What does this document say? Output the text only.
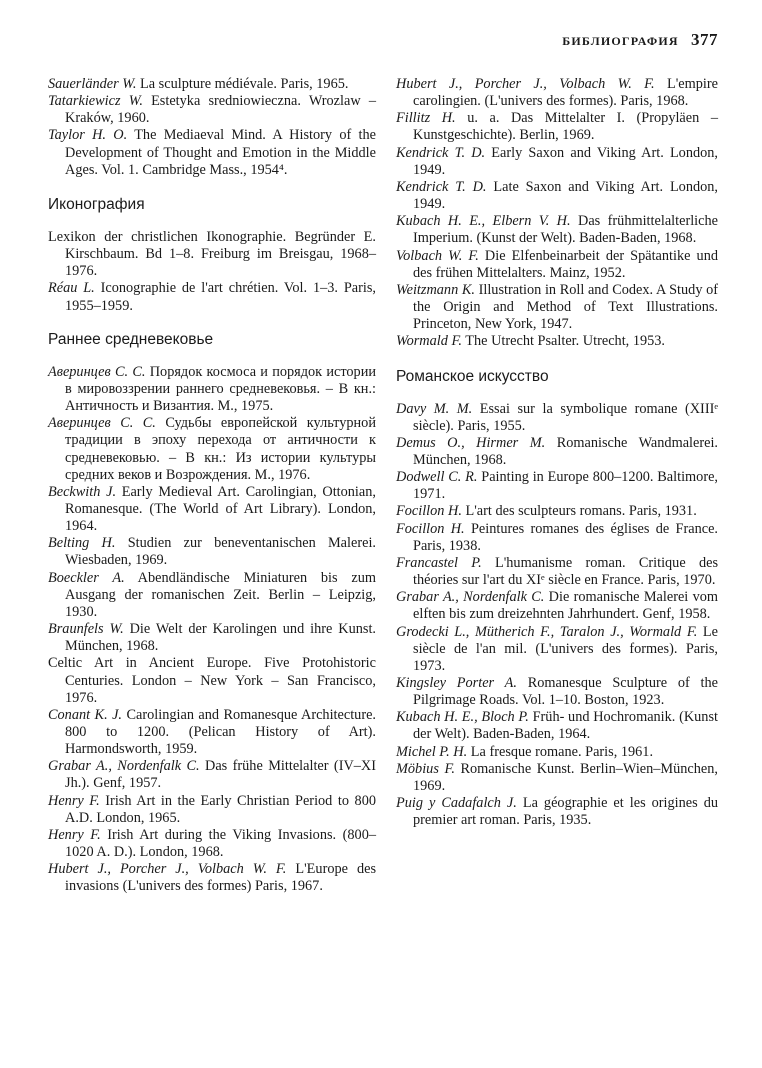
БИБЛИОГРАФИЯ 377
Sauerländer W. La sculpture médiévale. Paris, 1965.
Tatarkiewicz W. Estetyka sredniowieczna. Wrozlaw – Kraków, 1960.
Taylor H. O. The Mediaeval Mind. A History of the Development of Thought and Emotion in the Middle Ages. Vol. 1. Cambridge Mass., 1954⁴.
Иконография
Lexikon der christlichen Ikonographie. Begründer E. Kirschbaum. Bd 1–8. Freiburg im Breisgau, 1968–1976.
Réau L. Iconographie de l'art chrétien. Vol. 1–3. Paris, 1955–1959.
Раннее средневековье
Аверинцев С. С. Порядок космоса и порядок истории в мировоззрении раннего средневековья. – В кн.: Античность и Византия. М., 1975.
Аверинцев С. С. Судьбы европейской культурной традиции в эпоху перехода от античности к средневековью. – В кн.: Из истории культуры средних веков и Возрождения. М., 1976.
Beckwith J. Early Medieval Art. Carolingian, Ottonian, Romanesque. (The World of Art Library). London, 1964.
Belting H. Studien zur beneventanischen Malerei. Wiesbaden, 1969.
Boeckler A. Abendländische Miniaturen bis zum Ausgang der romanischen Zeit. Berlin – Leipzig, 1930.
Braunfels W. Die Welt der Karolingen und ihre Kunst. München, 1968.
Celtic Art in Ancient Europe. Five Protohistoric Centuries. London – New York – San Francisco, 1976.
Conant K. J. Carolingian and Romanesque Architecture. 800 to 1200. (Pelican History of Art). Harmondsworth, 1959.
Grabar A., Nordenfalk C. Das frühe Mittelalter (IV–XI Jh.). Genf, 1957.
Henry F. Irish Art in the Early Christian Period to 800 A.D. London, 1965.
Henry F. Irish Art during the Viking Invasions. (800–1020 A. D.). London, 1968.
Hubert J., Porcher J., Volbach W. F. L'Europe des invasions (L'univers des formes) Paris, 1967.
Hubert J., Porcher J., Volbach W. F. L'empire carolingien. (L'univers des formes). Paris, 1968.
Fillitz H. u. a. Das Mittelalter I. (Propyläen – Kunstgeschichte). Berlin, 1969.
Kendrick T. D. Early Saxon and Viking Art. London, 1949.
Kendrick T. D. Late Saxon and Viking Art. London, 1949.
Kubach H. E., Elbern V. H. Das frühmittelalterliche Imperium. (Kunst der Welt). Baden-Baden, 1968.
Volbach W. F. Die Elfenbeinarbeit der Spätantike und des frühen Mittelalters. Mainz, 1952.
Weitzmann K. Illustration in Roll and Codex. A Study of the Origin and Method of Text Illustrations. Princeton, New York, 1947.
Wormald F. The Utrecht Psalter. Utrecht, 1953.
Романское искусство
Davy M. M. Essai sur la symbolique romane (XIIIᵉ siècle). Paris, 1955.
Demus O., Hirmer M. Romanische Wandmalerei. München, 1968.
Dodwell C. R. Painting in Europe 800–1200. Baltimore, 1971.
Focillon H. L'art des sculpteurs romans. Paris, 1931.
Focillon H. Peintures romanes des églises de France. Paris, 1938.
Francastel P. L'humanisme roman. Critique des théories sur l'art du XIᵉ siècle en France. Paris, 1970.
Grabar A., Nordenfalk C. Die romanische Malerei vom elften bis zum dreizehnten Jahrhundert. Genf, 1958.
Grodecki L., Mütherich F., Taralon J., Wormald F. Le siècle de l'an mil. (L'univers des formes). Paris, 1973.
Kingsley Porter A. Romanesque Sculpture of the Pilgrimage Roads. Vol. 1–10. Boston, 1923.
Kubach H. E., Bloch P. Früh- und Hochromanik. (Kunst der Welt). Baden-Baden, 1964.
Michel P. H. La fresque romane. Paris, 1961.
Möbius F. Romanische Kunst. Berlin–Wien–München, 1969.
Puig y Cadafalch J. La géographie et les origines du premier art roman. Paris, 1935.
